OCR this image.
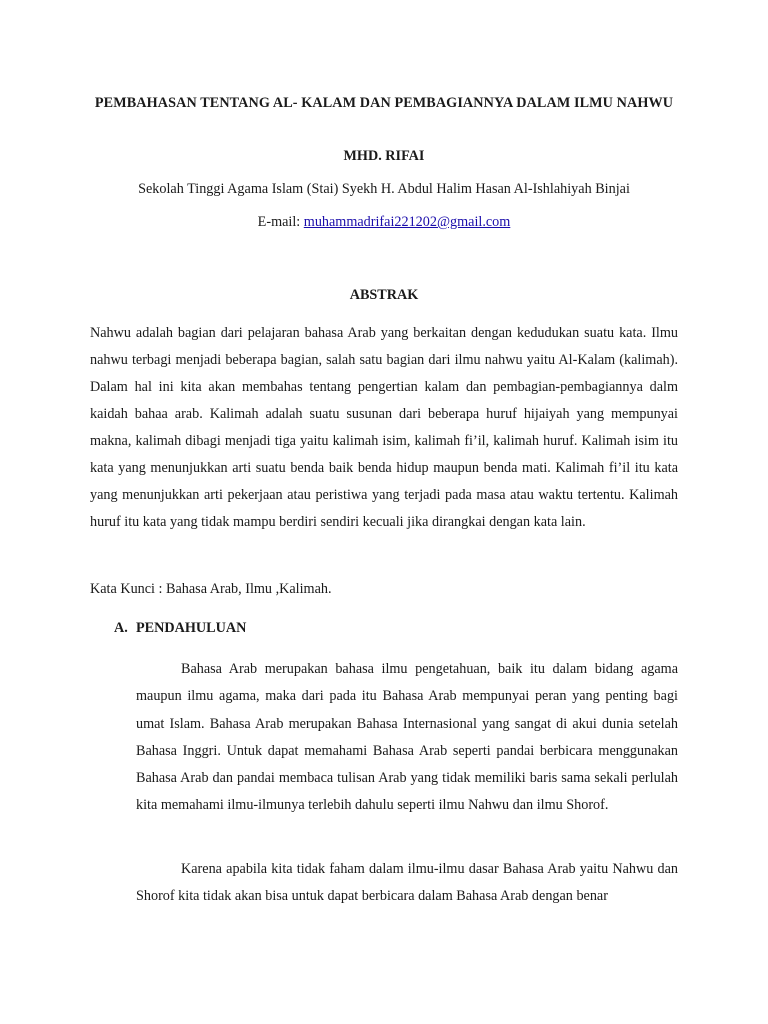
PEMBAHASAN TENTANG AL- KALAM DAN PEMBAGIANNYA DALAM ILMU NAHWU
MHD. RIFAI
Sekolah Tinggi Agama Islam (Stai) Syekh H. Abdul Halim Hasan Al-Ishlahiyah Binjai
E-mail: muhammadrifai221202@gmail.com
ABSTRAK

Nahwu adalah bagian dari pelajaran bahasa Arab yang berkaitan dengan kedudukan suatu kata. Ilmu nahwu terbagi menjadi beberapa bagian, salah satu bagian dari ilmu nahwu yaitu Al-Kalam (kalimah). Dalam hal ini kita akan membahas tentang pengertian kalam dan pembagian-pembagiannya dalm kaidah bahaa arab. Kalimah adalah suatu susunan dari beberapa huruf hijaiyah yang mempunyai makna, kalimah dibagi menjadi tiga yaitu kalimah isim, kalimah fi’il, kalimah huruf. Kalimah isim itu kata yang menunjukkan arti suatu benda baik benda hidup maupun benda mati. Kalimah fi’il itu kata yang menunjukkan arti pekerjaan atau peristiwa yang terjadi pada masa atau waktu tertentu. Kalimah huruf itu kata yang tidak mampu berdiri sendiri kecuali jika dirangkai dengan kata lain.

Kata Kunci : Bahasa Arab, Ilmu ,Kalimah.
A. PENDAHULUAN

Bahasa Arab merupakan bahasa ilmu pengetahuan, baik itu dalam bidang agama maupun ilmu agama, maka dari pada itu Bahasa Arab mempunyai peran yang penting bagi umat Islam. Bahasa Arab merupakan Bahasa Internasional yang sangat di akui dunia setelah Bahasa Inggri. Untuk dapat memahami Bahasa Arab seperti pandai berbicara menggunakan Bahasa Arab dan pandai membaca tulisan Arab yang tidak memiliki baris sama sekali perlulah kita memahami ilmu-ilmunya terlebih dahulu seperti ilmu Nahwu dan ilmu Shorof.

Karena apabila kita tidak faham dalam ilmu-ilmu dasar Bahasa Arab yaitu Nahwu dan Shorof kita tidak akan bisa untuk dapat berbicara dalam Bahasa Arab dengan benar
